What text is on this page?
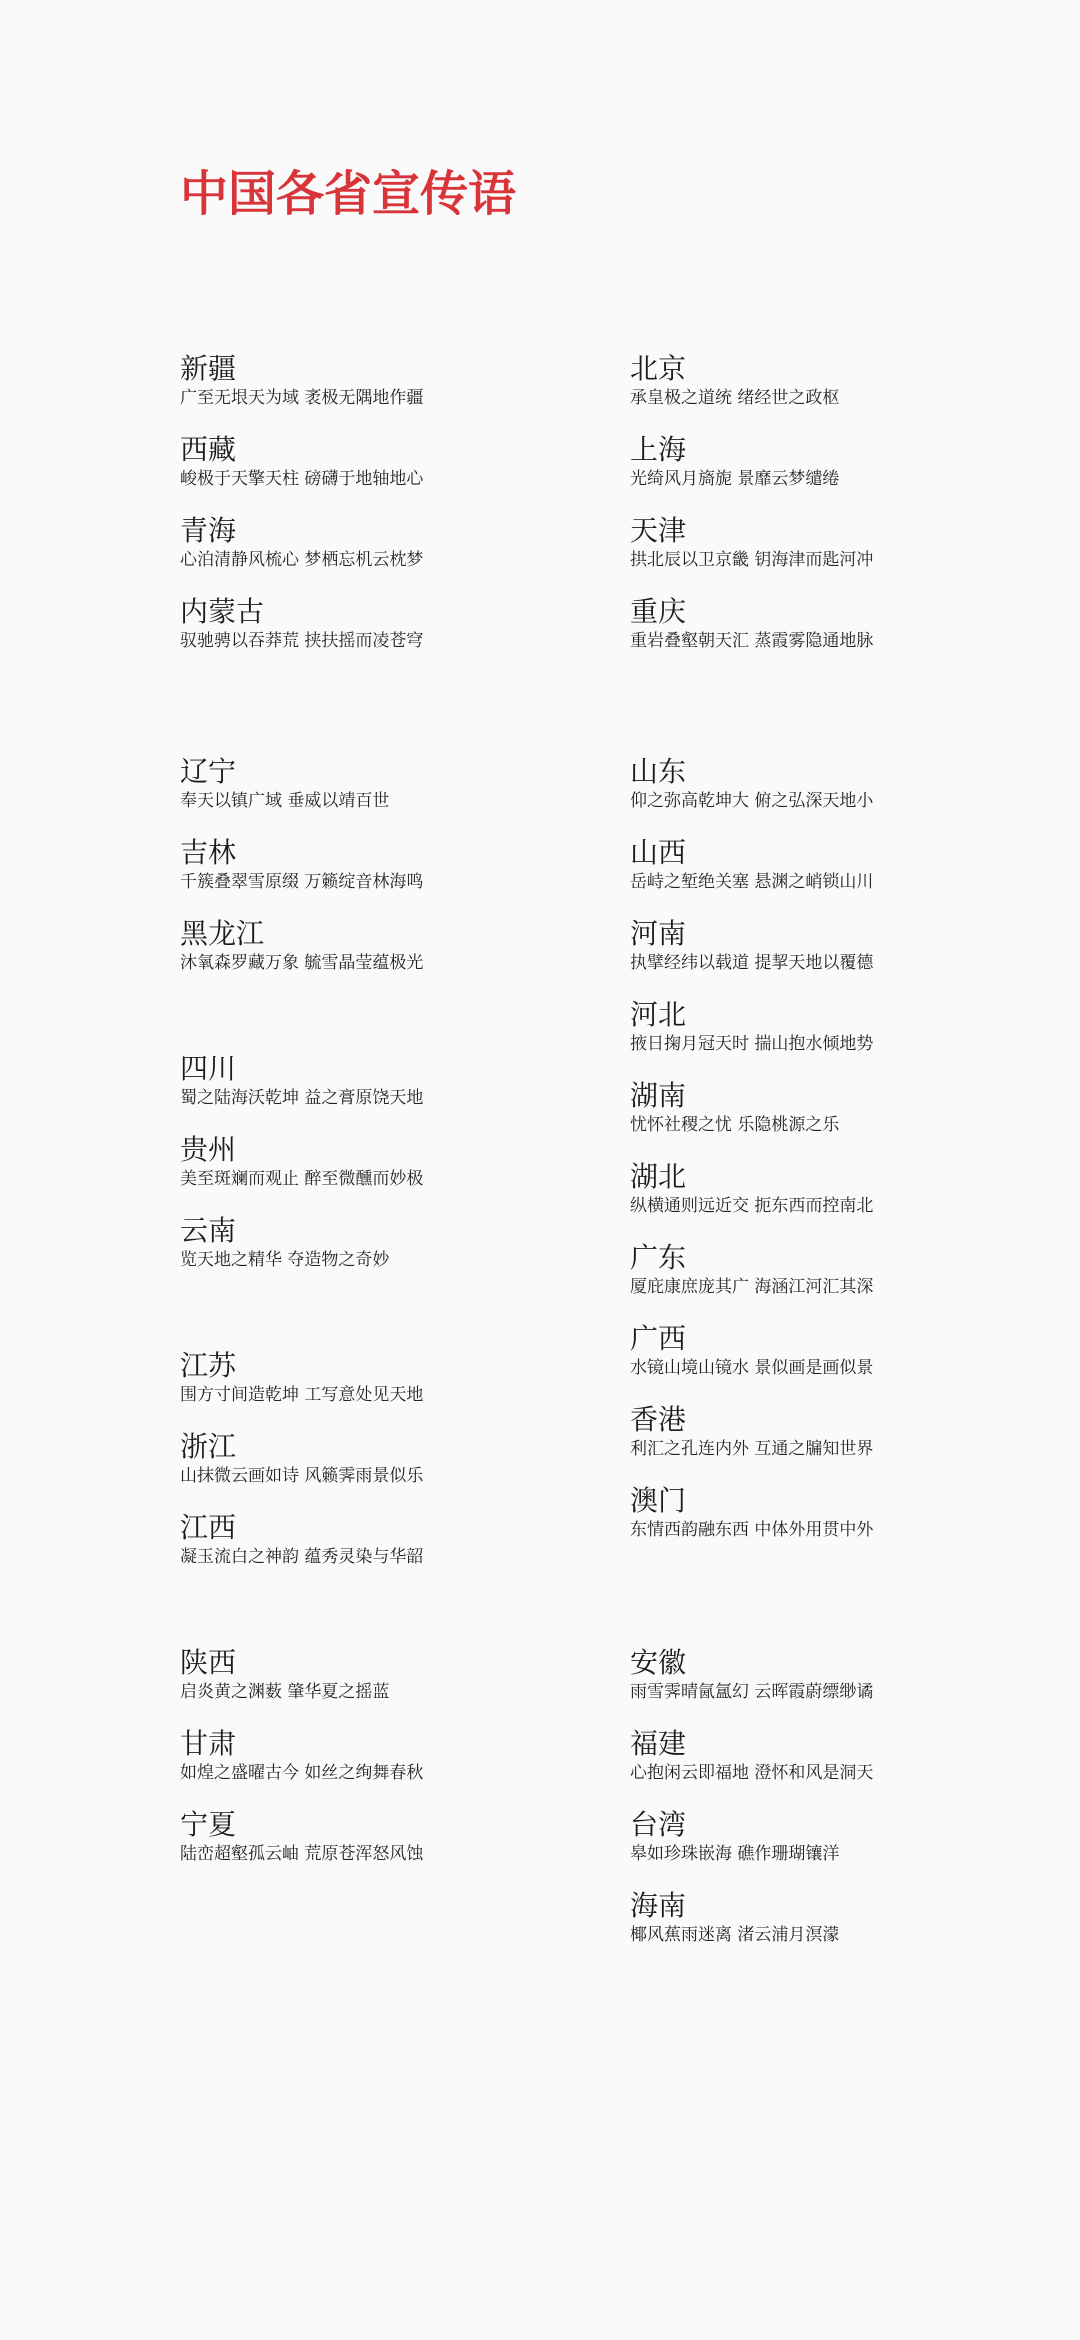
中国各省宣传语
新疆
广至无垠天为域 袤极无隅地作疆
西藏
峻极于天擎天柱 磅礴于地轴地心
青海
心泊清静风梳心 梦栖忘机云枕梦
内蒙古
驭驰骋以吞莽荒 挟扶摇而凌苍穹
北京
承皇极之道统 绪经世之政枢
上海
光绮风月旖旎 景靡云梦缱绻
天津
拱北辰以卫京畿 钥海津而匙河冲
重庆
重岩叠壑朝天汇 蒸霞雾隐通地脉
辽宁
奉天以镇广域 垂威以靖百世
吉林
千簇叠翠雪原缀 万籁绽音林海鸣
黑龙江
沐氧森罗藏万象 毓雪晶莹蕴极光
四川
蜀之陆海沃乾坤 益之膏原饶天地
贵州
美至斑斓而观止 醉至微醺而妙极
云南
览天地之精华 夺造物之奇妙
山东
仰之弥高乾坤大 俯之弘深天地小
山西
岳峙之堑绝关塞 悬渊之峭锁山川
河南
执擘经纬以载道 提挈天地以覆德
河北
掖日掬月冠天时 揣山抱水倾地势
湖南
忧怀社稷之忧 乐隐桃源之乐
湖北
纵横通则远近交 扼东西而控南北
广东
厦庇康庶庞其广 海涵江河汇其深
广西
水镜山境山镜水 景似画是画似景
香港
利汇之孔连内外 互通之牖知世界
澳门
东情西韵融东西 中体外用贯中外
江苏
围方寸间造乾坤 工写意处见天地
浙江
山抹微云画如诗 风籁霁雨景似乐
江西
凝玉流白之神韵 蕴秀灵染与华韶
陕西
启炎黄之渊薮 肇华夏之摇蓝
甘肃
如煌之盛曜古今 如丝之绚舞春秋
宁夏
陆峦超壑孤云岫 荒原苍浑怒风蚀
安徽
雨雪霁晴氤氲幻 云晖霞蔚缥缈谲
福建
心抱闲云即福地 澄怀和风是洞天
台湾
皋如珍珠嵌海 礁作珊瑚镶洋
海南
椰风蕉雨迷离 渚云浦月溟濛
